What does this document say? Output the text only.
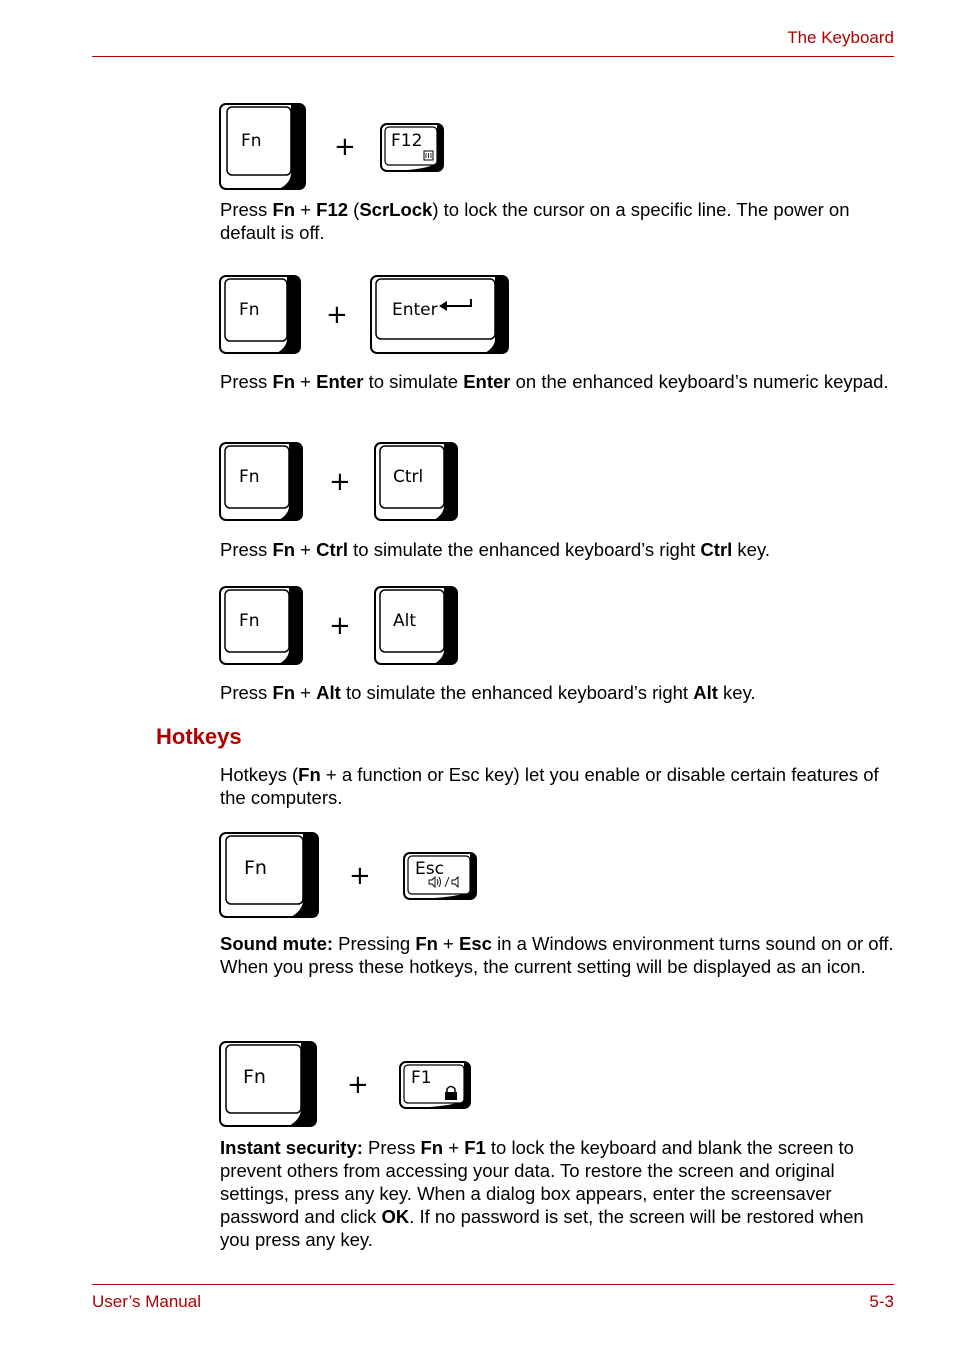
The Keyboard
Fn	+ F12
Press Fn + F12 (ScrLock) to lock the cursor on a specific line. The power on default is off.
Fn	+	Enter
Press Fn + Enter to simulate Enter on the enhanced keyboard’s numeric keypad.
Fn	+ Ctrl
Press Fn + Ctrl to simulate the enhanced keyboard’s right Ctrl key.
Fn	+ Alt
Press Fn + Alt to simulate the enhanced keyboard’s right Alt key.
Hotkeys
Hotkeys (Fn + a function or Esc key) let you enable or disable certain features of the computers.
Fn	+	Esc
Sound mute: Pressing Fn + Esc in a Windows environment turns sound on or off. When you press these hotkeys, the current setting will be displayed as an icon.
Fn	+ F1
Instant security: Press Fn + F1 to lock the keyboard and blank the screen to prevent others from accessing your data. To restore the screen and original settings, press any key. When a dialog box appears, enter the screensaver password and click OK. If no password is set, the screen will be restored when you press any key.
User’s Manual	5-3
